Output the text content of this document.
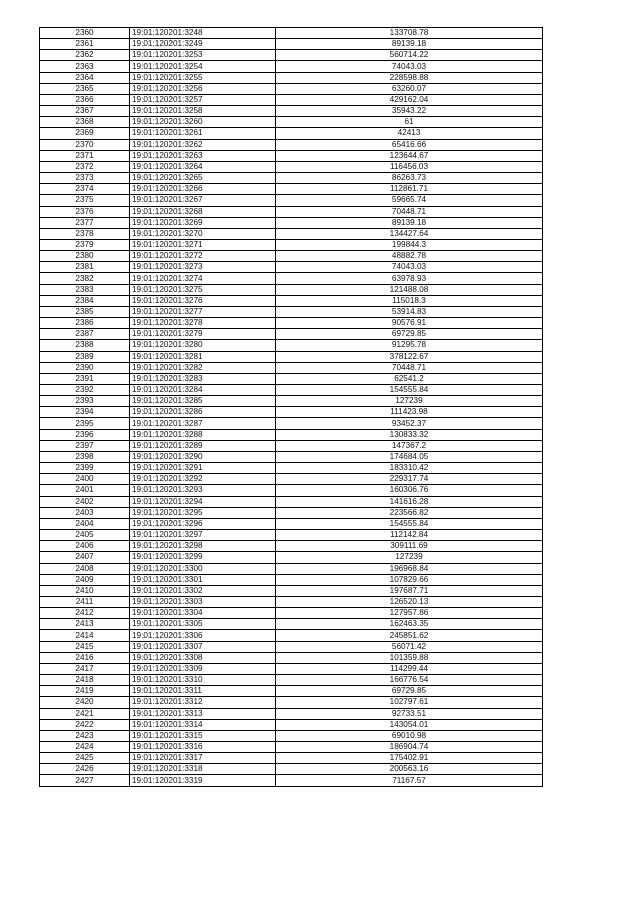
2360	19:01:120201:3248	133708.78
2361	19:01:120201:3249	89139.18
2362	19:01:120201:3253	560714.22
2363	19:01:120201:3254	74043.03
2364	19:01:120201:3255	228598.88
2365	19:01:120201:3256	63260.07
2366	19:01:120201:3257	429162.04
2367	19:01:120201:3258	35943.22
2368	19:01:120201:3260	61
2369	19:01:120201:3261	42413
2370	19:01:120201:3262	65416.66
2371	19:01:120201:3263	123644.67
2372	19:01:120201:3264	116456.03
2373	19:01:120201:3265	86263.73
2374	19:01:120201:3266	112861.71
2375	19:01:120201:3267	59665.74
2376	19:01:120201:3268	70448.71
2377	19:01:120201:3269	89139.18
2378	19:01:120201:3270	134427.64
2379	19:01:120201:3271	199844.3
2380	19:01:120201:3272	48882.78
2381	19:01:120201:3273	74043.03
2382	19:01:120201:3274	63978.93
2383	19:01:120201:3275	121488.08
2384	19:01:120201:3276	115018.3
2385	19:01:120201:3277	53914.83
2386	19:01:120201:3278	90576.91
2387	19:01:120201:3279	69729.85
2388	19:01:120201:3280	91295.78
2389	19:01:120201:3281	378122.67
2390	19:01:120201:3282	70448.71
2391	19:01:120201:3283	62541.2
2392	19:01:120201:3284	154555.84
2393	19:01:120201:3285	127239
2394	19:01:120201:3286	111423.98
2395	19:01:120201:3287	93452.37
2396	19:01:120201:3288	130833.32
2397	19:01:120201:3289	147367.2
2398	19:01:120201:3290	174684.05
2399	19:01:120201:3291	183310.42
2400	19:01:120201:3292	229317.74
2401	19:01:120201:3293	160306.76
2402	19:01:120201:3294	141616.28
2403	19:01:120201:3295	223566.82
2404	19:01:120201:3296	154555.84
2405	19:01:120201:3297	112142.84
2406	19:01:120201:3298	309111.69
2407	19:01:120201:3299	127239
2408	19:01:120201:3300	196968.84
2409	19:01:120201:3301	107829.66
2410	19:01:120201:3302	197687.71
2411	19:01:120201:3303	126520.13
2412	19:01:120201:3304	127957.86
2413	19:01:120201:3305	162463.35
2414	19:01:120201:3306	245851.62
2415	19:01:120201:3307	56071.42
2416	19:01:120201:3308	101359.88
2417	19:01:120201:3309	114299.44
2418	19:01:120201:3310	166776.54
2419	19:01:120201:3311	69729.85
2420	19:01:120201:3312	102797.61
2421	19:01:120201:3313	92733.51
2422	19:01:120201:3314	143054.01
2423	19:01:120201:3315	69010.98
2424	19:01:120201:3316	186904.74
2425	19:01:120201:3317	175402.91
2426	19:01:120201:3318	200563.16
2427	19:01:120201:3319	71167.57
